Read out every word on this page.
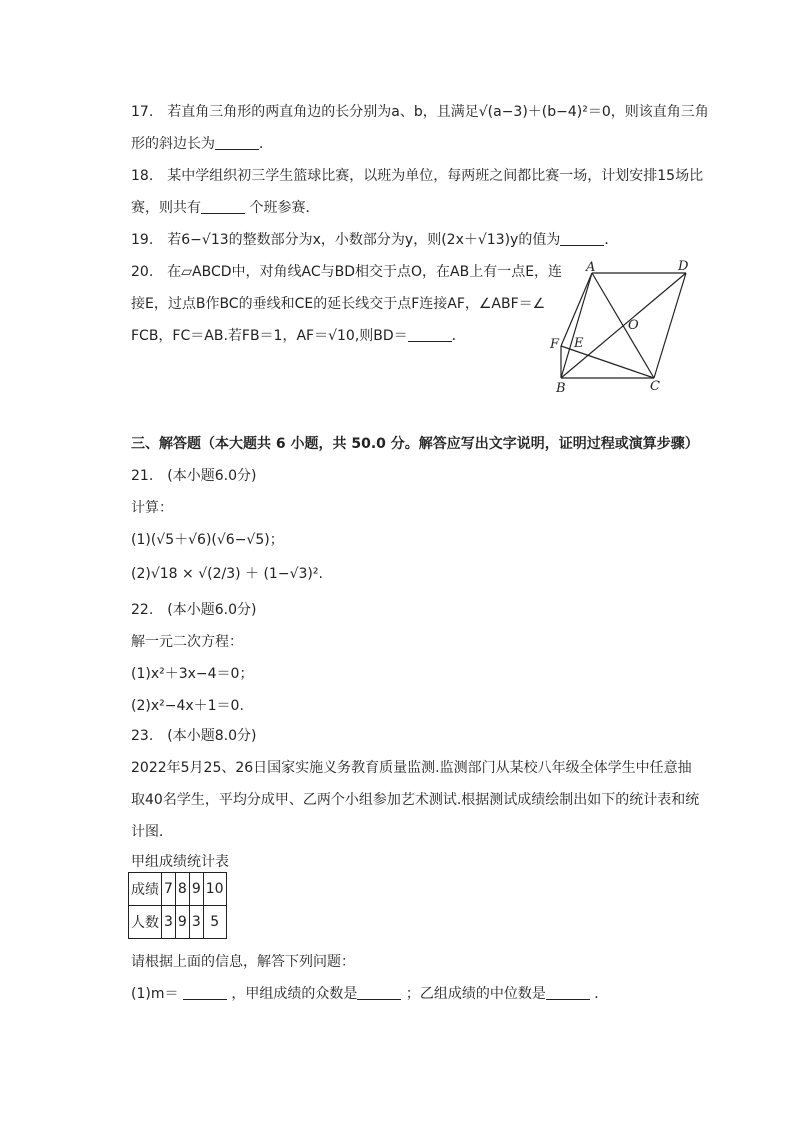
17.　若直角三角形的两直角边的长分别为a、b，且满足√(a−3)＋(b−4)²＝0，则该直角三角
形的斜边长为	．
18.　某中学组织初三学生篮球比赛，以班为单位，每两班之间都比赛一场，计划安排15场比
赛，则共有	个班参赛．
19.　若6−√13的整数部分为x，小数部分为y，则(2x＋√13)y的值为	．
20.　在▱ABCD中，对角线AC与BD相交于点O，在AB上有一点E，连
接E，过点B作BC的垂线和CE的延长线交于点F连接AF，∠ABF＝∠
FCB，FC＝AB.若FB＝1，AF＝√10,则BD＝	．
A	D
O
F E
B	C
三、解答题（本大题共 6 小题，共 50.0 分。解答应写出文字说明，证明过程或演算步骤）
21.　(本小题6.0分)
计算：
(1)(√5＋√6)(√6−√5)；
(2)√18 × √(2/3) ＋ (1−√3)².
22.　(本小题6.0分)
解一元二次方程：
(1)x²＋3x−4＝0；
(2)x²−4x＋1＝0.
23.　(本小题8.0分)
2022年5月25、26日国家实施义务教育质量监测.监测部门从某校八年级全体学生中任意抽
取40名学生，平均分成甲、乙两个小组参加艺术测试.根据测试成绩绘制出如下的统计表和统
计图．
甲组成绩统计表
成绩	7	8	9	10
人数	3	9	3	5
请根据上面的信息，解答下列问题：
(1)m＝	，甲组成绩的众数是	；乙组成绩的中位数是	．
